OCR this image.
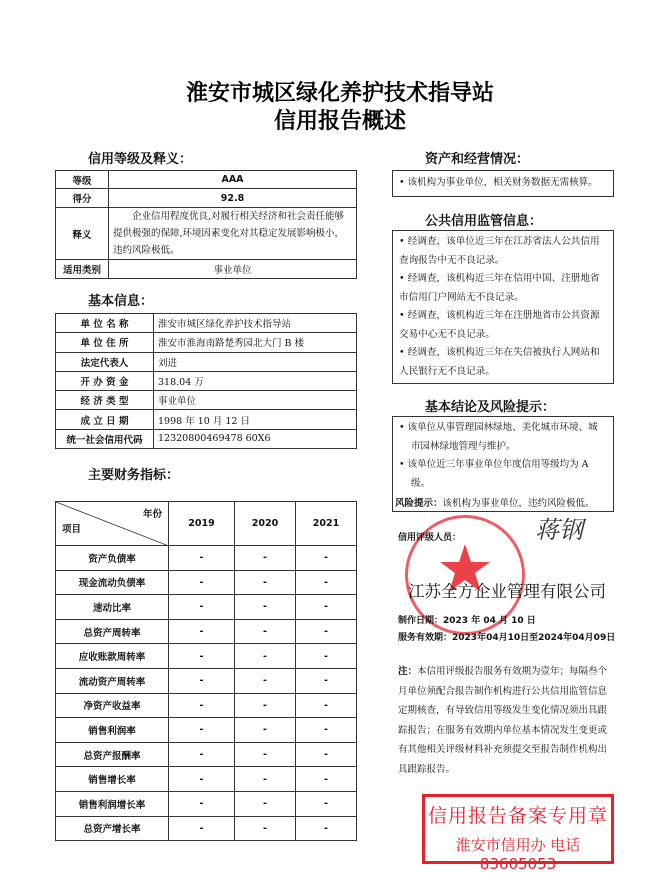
淮安市城区绿化养护技术指导站
信用报告概述
信用等级及释义：
等级	AAA
得分	92.8
释义	企业信用程度优良,对履行相关经济和社会责任能够提供极强的保障,环境因素变化对其稳定发展影响极小，违约风险极低。
适用类别	事业单位
基本信息：
单 位 名 称	淮安市城区绿化养护技术指导站
单 位 住 所	淮安市淮海南路楚秀园北大门 B 楼
法定代表人	刘进
开 办 资 金	318.04 万
经 济 类 型	事业单位
成 立 日 期	1998 年 10 月 12 日
统一社会信用代码	12320800469478 60X6
主要财务指标：
年份
项目	2019	2020	2021
资产负债率	-	-	-
现金流动负债率	-	-	-
速动比率	-	-	-
总资产周转率	-	-	-
应收账款周转率	-	-	-
流动资产周转率	-	-	-
净资产收益率	-	-	-
销售利润率	-	-	-
总资产报酬率	-	-	-
销售增长率	-	-	-
销售利润增长率	-	-	-
总资产增长率	-	-	-
资产和经营情况：
• 该机构为事业单位，相关财务数据无需核算。
公共信用监管信息：
• 经调查，该单位近三年在江苏省法人公共信用查询报告中无不良记录。
• 经调查，该机构近三年在信用中国、注册地省市信用门户网站无不良记录。
• 经调查，该机构近三年在注册地省市公共资源交易中心无不良记录。
• 经调查，该机构近三年在失信被执行人网站和人民银行无不良记录。
基本结论及风险提示：
• 该单位从事管理园林绿地、美化城市环境、城市园林绿地管理与维护。
• 该单位近三年事业单位年度信用等级均为 A 级。
风险提示：该机构为事业单位，违约风险极低。
信用评级人员：	蒋钢
江苏全方企业管理有限公司
制作日期：2023 年 04 月 10 日
服务有效期：2023年04月10日至2024年04月09日
注：本信用评级报告服务有效期为壹年；每隔叁个月单位须配合报告制作机构进行公共信用监管信息定期核查，有导致信用等级发生变化情况须出具跟踪报告；在服务有效期内单位基本情况发生变更或有其他相关评级材料补充须提交至报告制作机构出具跟踪报告。
信用报告备案专用章
淮安市信用办 电话83605053
